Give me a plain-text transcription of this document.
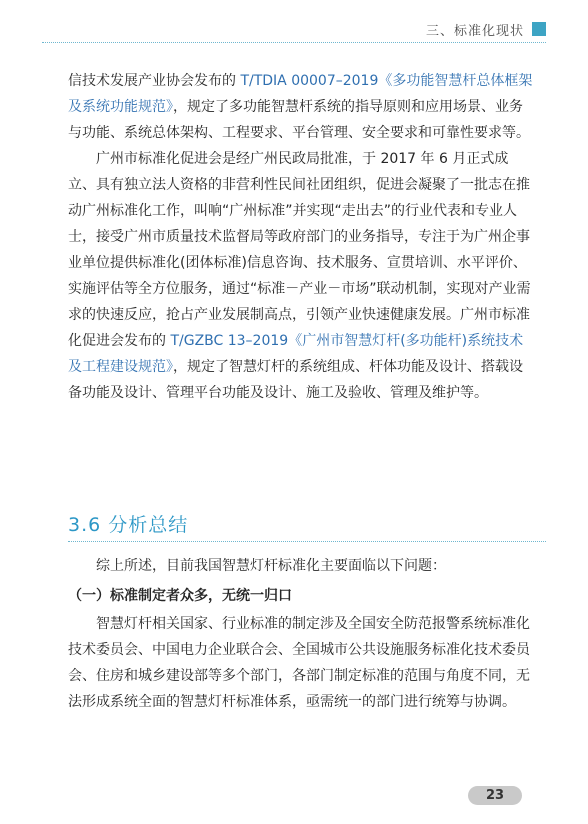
三、标准化现状

信技术发展产业协会发布的 T/TDIA 00007–2019《多功能智慧杆总体框架及系统功能规范》，规定了多功能智慧杆系统的指导原则和应用场景、业务与功能、系统总体架构、工程要求、平台管理、安全要求和可靠性要求等。

广州市标准化促进会是经广州民政局批准，于 2017 年 6 月正式成立、具有独立法人资格的非营利性民间社团组织，促进会凝聚了一批志在推动广州标准化工作，叫响“广州标准”并实现“走出去”的行业代表和专业人士，接受广州市质量技术监督局等政府部门的业务指导，专注于为广州企事业单位提供标准化(团体标准)信息咨询、技术服务、宣贯培训、水平评价、实施评估等全方位服务，通过“标准－产业－市场”联动机制，实现对产业需求的快速反应，抢占产业发展制高点，引领产业快速健康发展。广州市标准化促进会发布的 T/GZBC 13–2019《广州市智慧灯杆(多功能杆)系统技术及工程建设规范》，规定了智慧灯杆的系统组成、杆体功能及设计、搭载设备功能及设计、管理平台功能及设计、施工及验收、管理及维护等。

3.6 分析总结

综上所述，目前我国智慧灯杆标准化主要面临以下问题：

（一）标准制定者众多，无统一归口

智慧灯杆相关国家、行业标准的制定涉及全国安全防范报警系统标准化技术委员会、中国电力企业联合会、全国城市公共设施服务标准化技术委员会、住房和城乡建设部等多个部门，各部门制定标准的范围与角度不同，无法形成系统全面的智慧灯杆标准体系，亟需统一的部门进行统筹与协调。

23
